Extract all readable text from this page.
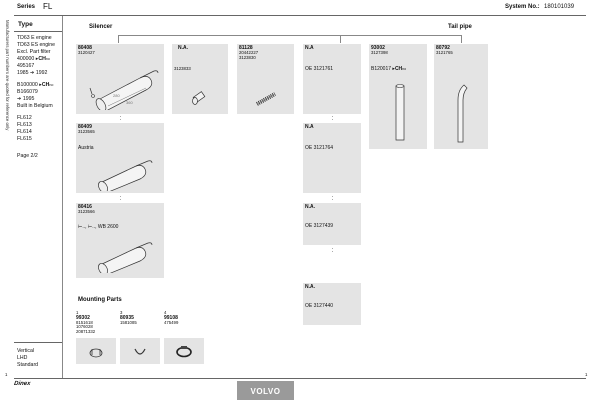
Series FL	System No.: 180101039
Manufacturers part numbers are quoted for reference only Type
TD63 E engine
TD63 ES engine
Excl. Part filter
400000 ▸CHno
495167
1985 ➔ 1992
B100000 ▸CHno
B166079
➔ 1995
Built in Belgium
FL612
FL613
FL614
FL615
Page 2/2
Vertical
LHD
Standard
Silencer	Tail pipe
80408
3120427
280
360
N.A.
3123833
81128
20442227
3123830
N.A
OE 3121761
93002
3127398
B120017 ▸CHno
80792
3121765
80409
3123565
Austria
N.A
OE 3121764
80416
3123566
⊢.., ⊢.., WB 2600
N.A.
OE 3127439
N.A.
OE 3127440
Mounting Parts
1
99302
8151618
1076028
20871332
3
80935
1581085
4
99108
475499
1	1
Dinex
VOLVO
